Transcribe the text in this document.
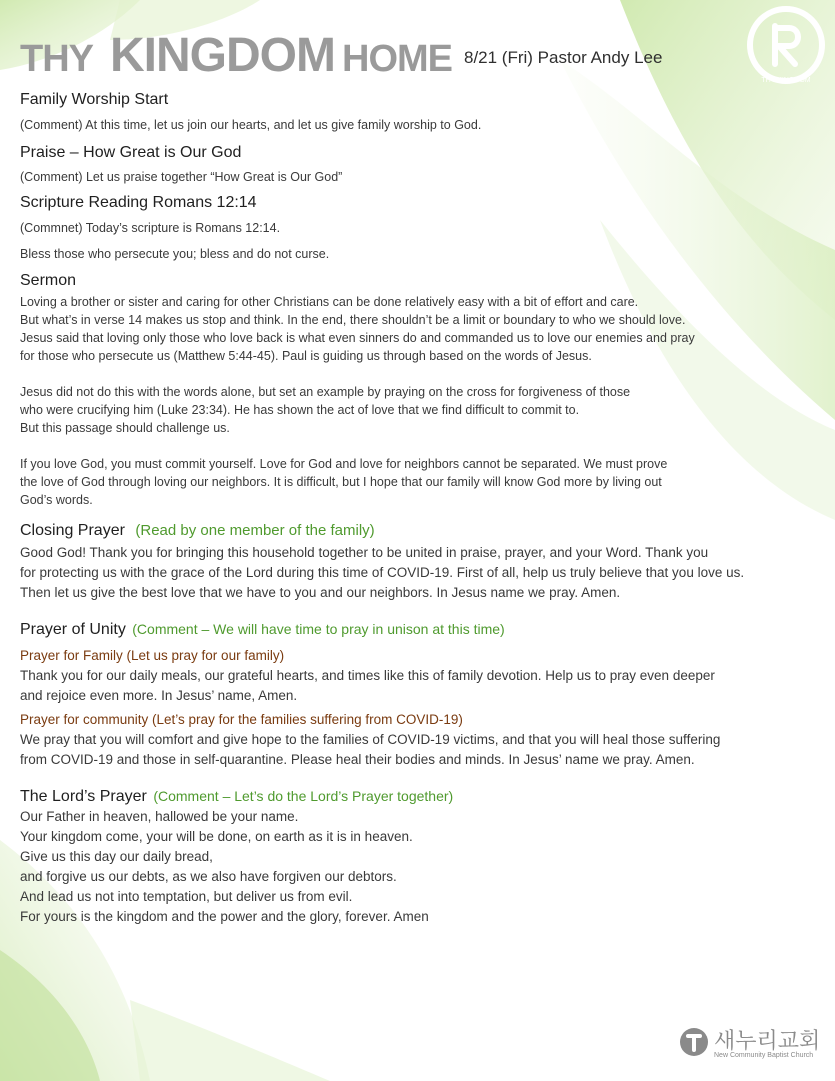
THY KINGDOM HOME 8/21 (Fri) Pastor Andy Lee
THY KINGDOM
Family Worship Start

(Comment) At this time, let us join our hearts, and let us give family worship to God.

Praise – How Great is Our God

(Comment) Let us praise together “How Great is Our God”

Scripture Reading Romans 12:14

(Commnet) Today’s scripture is Romans 12:14.

Bless those who persecute you; bless and do not curse.

Sermon

Loving a brother or sister and caring for other Christians can be done relatively easy with a bit of effort and care.

But what’s in verse 14 makes us stop and think. In the end, there shouldn’t be a limit or boundary to who we should love.

Jesus said that loving only those who love back is what even sinners do and commanded us to love our enemies and pray

for those who persecute us (Matthew 5:44-45). Paul is guiding us through based on the words of Jesus.

Jesus did not do this with the words alone, but set an example by praying on the cross for forgiveness of those

who were crucifying him (Luke 23:34). He has shown the act of love that we find difficult to commit to.

But this passage should challenge us.

If you love God, you must commit yourself. Love for God and love for neighbors cannot be separated. We must prove

the love of God through loving our neighbors. It is difficult, but I hope that our family will know God more by living out

God’s words.

Closing Prayer (Read by one member of the family)

Good God! Thank you for bringing this household together to be united in praise, prayer, and your Word. Thank you

for protecting us with the grace of the Lord during this time of COVID-19. First of all, help us truly believe that you love us.

Then let us give the best love that we have to you and our neighbors. In Jesus name we pray. Amen.

Prayer of Unity (Comment – We will have time to pray in unison at this time)

Prayer for Family (Let us pray for our family)

Thank you for our daily meals, our grateful hearts, and times like this of family devotion. Help us to pray even deeper

and rejoice even more. In Jesus’ name, Amen.

Prayer for community (Let’s pray for the families suffering from COVID-19)

We pray that you will comfort and give hope to the families of COVID-19 victims, and that you will heal those suffering

from COVID-19 and those in self-quarantine. Please heal their bodies and minds. In Jesus’ name we pray. Amen.

The Lord’s Prayer (Comment – Let’s do the Lord’s Prayer together)

Our Father in heaven, hallowed be your name.

Your kingdom come, your will be done, on earth as it is in heaven.

Give us this day our daily bread,

and forgive us our debts, as we also have forgiven our debtors.

And lead us not into temptation, but deliver us from evil.

For yours is the kingdom and the power and the glory, forever. Amen

새누리교회
New Community Baptist Church
